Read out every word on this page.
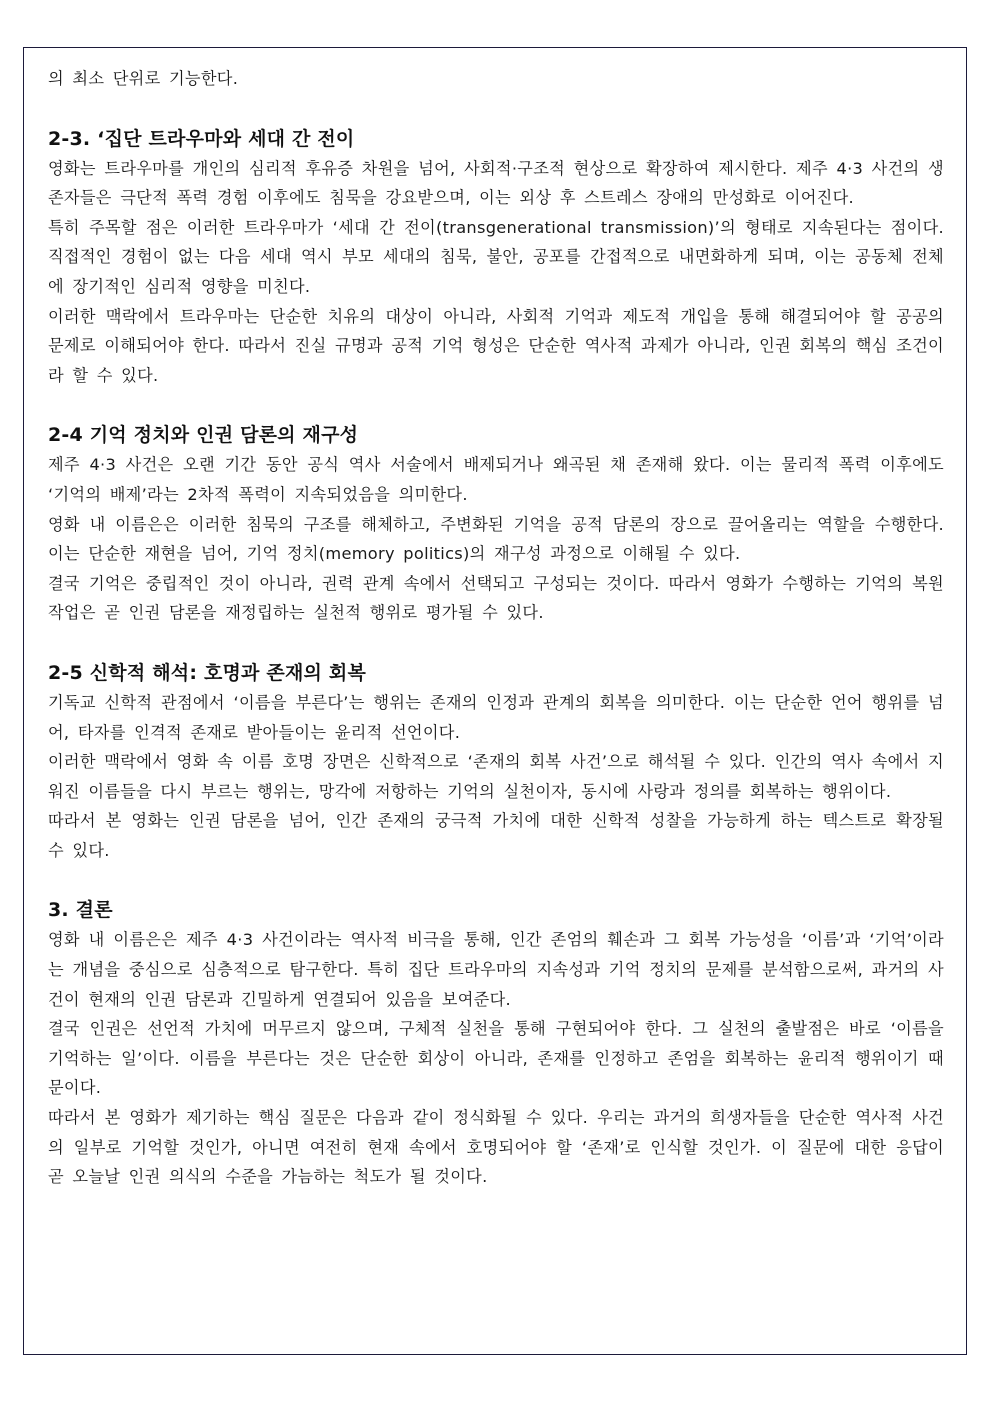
의 최소 단위로 기능한다.

2-3. ‘집단 트라우마와 세대 간 전이

영화는 트라우마를 개인의 심리적 후유증 차원을 넘어, 사회적·구조적 현상으로 확장하여 제시한다. 제주 4·3 사건의 생존자들은 극단적 폭력 경험 이후에도 침묵을 강요받으며, 이는 외상 후 스트레스 장애의 만성화로 이어진다.

특히 주목할 점은 이러한 트라우마가 ‘세대 간 전이(transgenerational transmission)’의 형태로 지속된다는 점이다. 직접적인 경험이 없는 다음 세대 역시 부모 세대의 침묵, 불안, 공포를 간접적으로 내면화하게 되며, 이는 공동체 전체에 장기적인 심리적 영향을 미친다.

이러한 맥락에서 트라우마는 단순한 치유의 대상이 아니라, 사회적 기억과 제도적 개입을 통해 해결되어야 할 공공의 문제로 이해되어야 한다. 따라서 진실 규명과 공적 기억 형성은 단순한 역사적 과제가 아니라, 인권 회복의 핵심 조건이라 할 수 있다.

2-4 기억 정치와 인권 담론의 재구성

제주 4·3 사건은 오랜 기간 동안 공식 역사 서술에서 배제되거나 왜곡된 채 존재해 왔다. 이는 물리적 폭력 이후에도 ‘기억의 배제’라는 2차적 폭력이 지속되었음을 의미한다.

영화 내 이름은은 이러한 침묵의 구조를 해체하고, 주변화된 기억을 공적 담론의 장으로 끌어올리는 역할을 수행한다. 이는 단순한 재현을 넘어, 기억 정치(memory politics)의 재구성 과정으로 이해될 수 있다.

결국 기억은 중립적인 것이 아니라, 권력 관계 속에서 선택되고 구성되는 것이다. 따라서 영화가 수행하는 기억의 복원 작업은 곧 인권 담론을 재정립하는 실천적 행위로 평가될 수 있다.

2-5 신학적 해석: 호명과 존재의 회복

기독교 신학적 관점에서 ‘이름을 부른다’는 행위는 존재의 인정과 관계의 회복을 의미한다. 이는 단순한 언어 행위를 넘어, 타자를 인격적 존재로 받아들이는 윤리적 선언이다.

이러한 맥락에서 영화 속 이름 호명 장면은 신학적으로 ‘존재의 회복 사건’으로 해석될 수 있다. 인간의 역사 속에서 지워진 이름들을 다시 부르는 행위는, 망각에 저항하는 기억의 실천이자, 동시에 사랑과 정의를 회복하는 행위이다.

따라서 본 영화는 인권 담론을 넘어, 인간 존재의 궁극적 가치에 대한 신학적 성찰을 가능하게 하는 텍스트로 확장될 수 있다.

3. 결론

영화 내 이름은은 제주 4·3 사건이라는 역사적 비극을 통해, 인간 존엄의 훼손과 그 회복 가능성을 ‘이름’과 ‘기억’이라는 개념을 중심으로 심층적으로 탐구한다. 특히 집단 트라우마의 지속성과 기억 정치의 문제를 분석함으로써, 과거의 사건이 현재의 인권 담론과 긴밀하게 연결되어 있음을 보여준다.

결국 인권은 선언적 가치에 머무르지 않으며, 구체적 실천을 통해 구현되어야 한다. 그 실천의 출발점은 바로 ‘이름을 기억하는 일’이다. 이름을 부른다는 것은 단순한 회상이 아니라, 존재를 인정하고 존엄을 회복하는 윤리적 행위이기 때문이다.

따라서 본 영화가 제기하는 핵심 질문은 다음과 같이 정식화될 수 있다. 우리는 과거의 희생자들을 단순한 역사적 사건의 일부로 기억할 것인가, 아니면 여전히 현재 속에서 호명되어야 할 ‘존재’로 인식할 것인가. 이 질문에 대한 응답이 곧 오늘날 인권 의식의 수준을 가늠하는 척도가 될 것이다.
